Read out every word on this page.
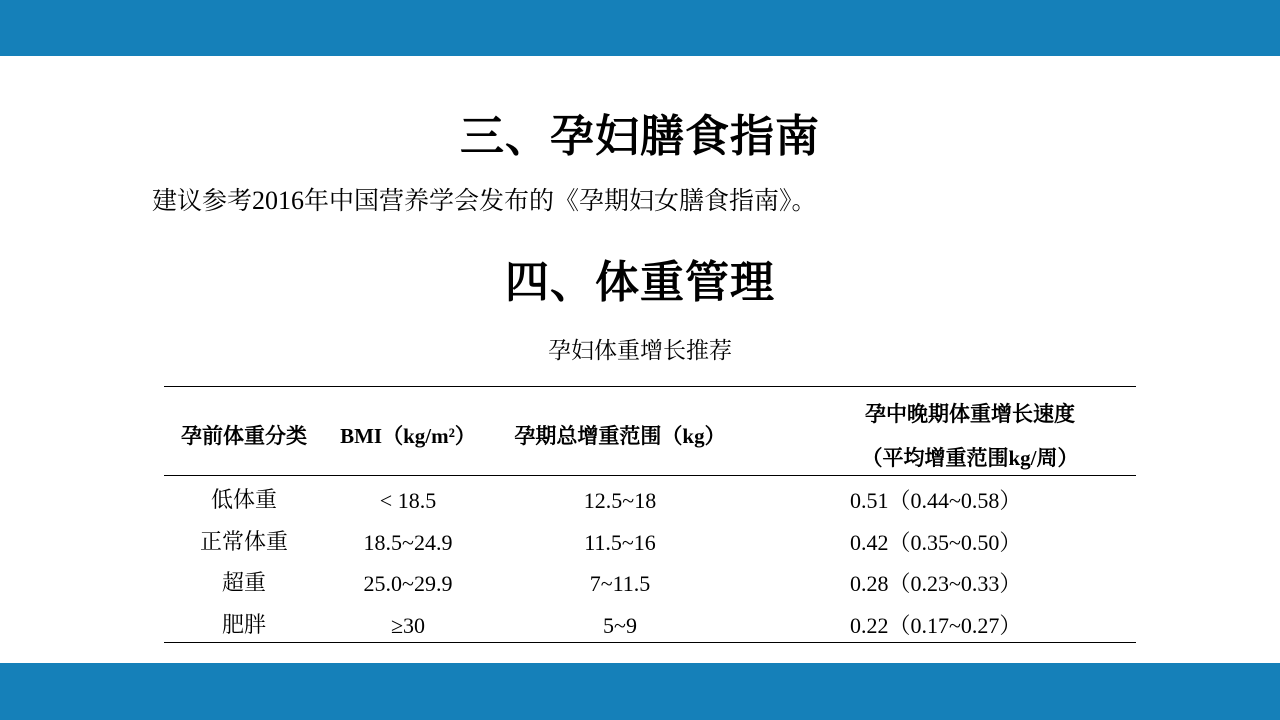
三、孕妇膳食指南
建议参考2016年中国营养学会发布的《孕期妇女膳食指南》。
四、体重管理
孕妇体重增长推荐
孕前体重分类	BMI（kg/m²）	孕期总增重范围（kg）
孕中晚期体重增长速度
（平均增重范围kg/周）
低体重	< 18.5	12.5~18	0.51（0.44~0.58）
正常体重	18.5~24.9	11.5~16	0.42（0.35~0.50）
超重	25.0~29.9	7~11.5	0.28（0.23~0.33）
肥胖	≥30	5~9	0.22（0.17~0.27）
